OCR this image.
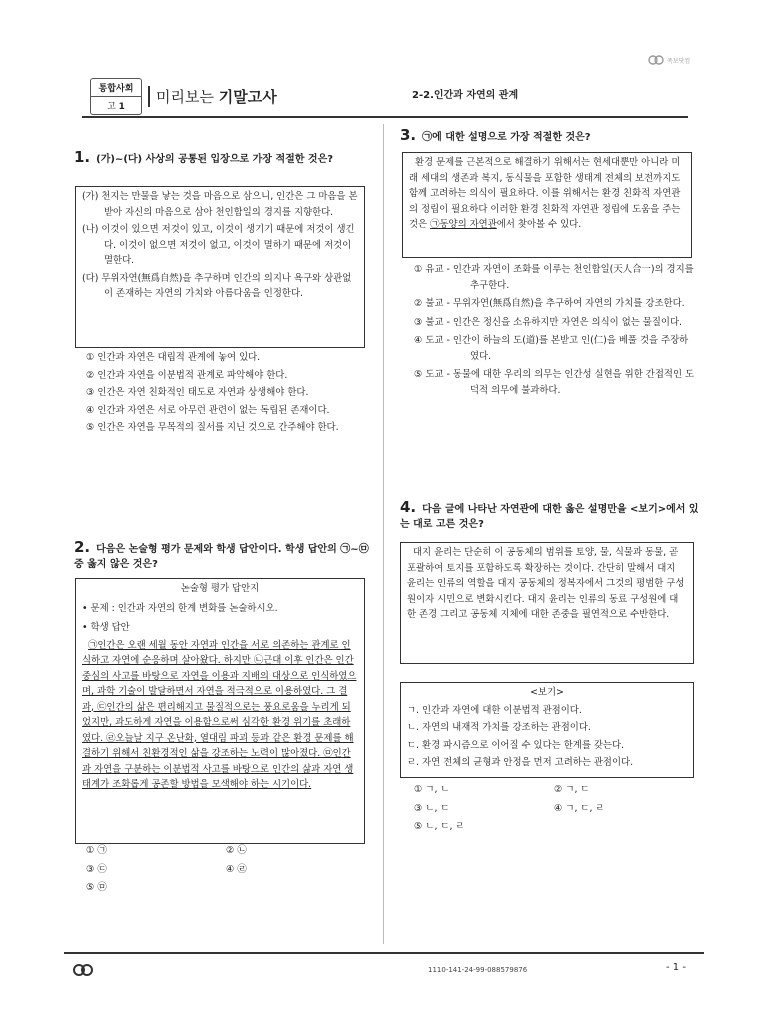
족보닷컴
통합사회
고 1
미리보는 기말고사	2-2.인간과 자연의 관계
1. (가)~(다) 사상의 공통된 입장으로 가장 적절한 것은?

(가) 천지는 만물을 낳는 것을 마음으로 삼으니, 인간은 그 마음을 본받아 자신의 마음으로 삼아 천인합일의 경지를 지향한다.

(나) 이것이 있으면 저것이 있고, 이것이 생기기 때문에 저것이 생긴다. 이것이 없으면 저것이 없고, 이것이 멸하기 때문에 저것이 멸한다.

(다) 무위자연(無爲自然)을 추구하며 인간의 의지나 욕구와 상관없이 존재하는 자연의 가치와 아름다움을 인정한다.

① 인간과 자연은 대립적 관계에 놓여 있다.

② 인간과 자연을 이분법적 관계로 파악해야 한다.

③ 인간은 자연 친화적인 태도로 자연과 상생해야 한다.

④ 인간과 자연은 서로 아무런 관련이 없는 독립된 존재이다.

⑤ 인간은 자연을 무목적의 질서를 지닌 것으로 간주해야 한다.

2. 다음은 논술형 평가 문제와 학생 답안이다. 학생 답안의 ㉠~㉤중 옳지 않은 것은?

논술형 평가 답안지

• 문제 : 인간과 자연의 한계 변화를 논술하시오.

• 학생 답안

㉠인간은 오랜 세월 동안 자연과 인간을 서로 의존하는 관계로 인식하고 자연에 순응하며 살아왔다. 하지만 ㉡근대 이후 인간은 인간 중심의 사고를 바탕으로 자연을 이용과 지배의 대상으로 인식하였으며, 과학 기술이 발달하면서 자연을 적극적으로 이용하였다. 그 결과, ㉢인간의 삶은 편리해지고 물질적으로는 풍요로움을 누리게 되었지만, 과도하게 자연을 이용함으로써 심각한 환경 위기를 초래하였다. ㉣오늘날 지구 온난화, 열대림 파괴 등과 같은 환경 문제를 해결하기 위해서 친환경적인 삶을 강조하는 노력이 많아졌다. ㉤인간과 자연을 구분하는 이분법적 사고를 바탕으로 인간의 삶과 자연 생태계가 조화롭게 공존할 방법을 모색해야 하는 시기이다.

① ㉠	② ㉡
③ ㉢	④ ㉣
⑤ ㉤
3. ㉠에 대한 설명으로 가장 적절한 것은?

환경 문제를 근본적으로 해결하기 위해서는 현세대뿐만 아니라 미래 세대의 생존과 복지, 동식물을 포함한 생태계 전체의 보전까지도 함께 고려하는 의식이 필요하다. 이를 위해서는 환경 친화적 자연관의 정립이 필요하다 이러한 환경 친화적 자연관 정립에 도움을 주는 것은 ㉠동양의 자연관에서 찾아볼 수 있다.

① 유교 - 인간과 자연이 조화를 이루는 천인합일(天人合一)의 경지를 추구한다.

② 불교 - 무위자연(無爲自然)을 추구하여 자연의 가치를 강조한다.

③ 불교 - 인간은 정신을 소유하지만 자연은 의식이 없는 물질이다.

④ 도교 - 인간이 하늘의 도(道)를 본받고 인(仁)을 베풀 것을 주장하였다.

⑤ 도교 - 동물에 대한 우리의 의무는 인간성 실현을 위한 간접적인 도덕적 의무에 불과하다.

4. 다음 글에 나타난 자연관에 대한 옳은 설명만을 <보기>에서 있는 대로 고른 것은?

대지 윤리는 단순히 이 공동체의 범위를 토양, 물, 식물과 동물, 곧 포괄하여 토지를 포함하도록 확장하는 것이다. 간단히 말해서 대지 윤리는 인류의 역할을 대지 공동체의 정복자에서 그것의 평범한 구성원이자 시민으로 변화시킨다. 대지 윤리는 인류의 동료 구성원에 대한 존경 그리고 공동체 지체에 대한 존중을 필연적으로 수반한다.

<보기>

ㄱ. 인간과 자연에 대한 이분법적 관점이다.

ㄴ. 자연의 내재적 가치를 강조하는 관점이다.

ㄷ. 환경 파시즘으로 이어질 수 있다는 한계를 갖는다.

ㄹ. 자연 전체의 균형과 안정을 먼저 고려하는 관점이다.

① ㄱ, ㄴ	② ㄱ, ㄷ
③ ㄴ, ㄷ	④ ㄱ, ㄷ, ㄹ
⑤ ㄴ, ㄷ, ㄹ
1110-141-24-99-088579876	- 1 -
